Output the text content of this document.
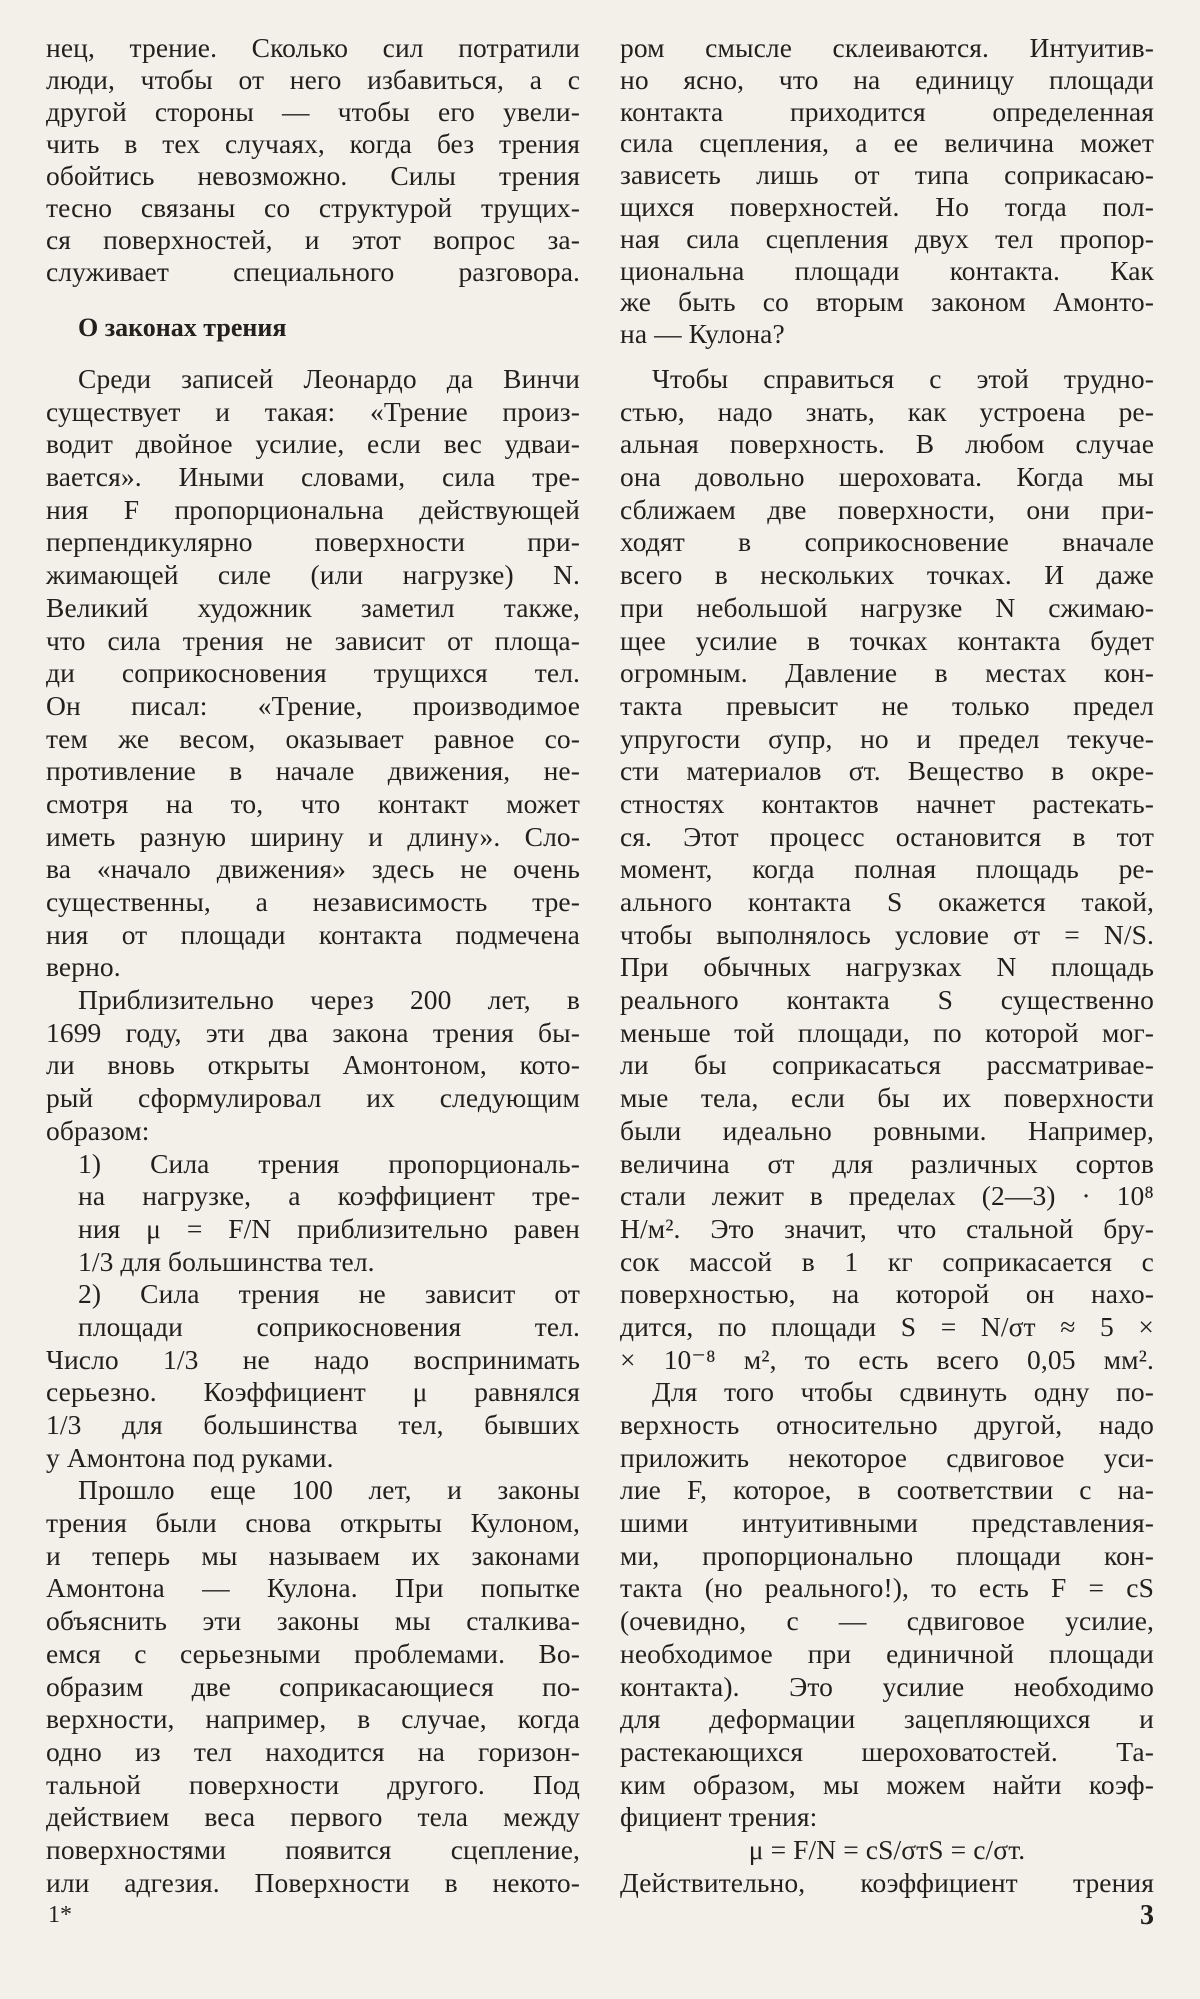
нец, трение. Сколько сил потратили
люди, чтобы от него избавиться, а с
другой стороны — чтобы его увели-
чить в тех случаях, когда без трения
обойтись невозможно. Силы трения
тесно связаны со структурой трущих-
ся поверхностей, и этот вопрос за-
служивает специального разговора.
О законах трения
Среди записей Леонардо да Винчи
существует и такая: «Трение произ-
водит двойное усилие, если вес удваи-
вается». Иными словами, сила тре-
ния F пропорциональна действующей
перпендикулярно поверхности при-
жимающей силе (или нагрузке) N.
Великий художник заметил также,
что сила трения не зависит от площа-
ди соприкосновения трущихся тел.
Он писал: «Трение, производимое
тем же весом, оказывает равное со-
противление в начале движения, не-
смотря на то, что контакт может
иметь разную ширину и длину». Сло-
ва «начало движения» здесь не очень
существенны, а независимость тре-
ния от площади контакта подмечена
верно.
Приблизительно через 200 лет, в
1699 году, эти два закона трения бы-
ли вновь открыты Амонтоном, кото-
рый сформулировал их следующим
образом:
1) Сила трения пропорциональ-
на нагрузке, а коэффициент тре-
ния μ = F/N приблизительно равен
1/3 для большинства тел.
2) Сила трения не зависит от
площади соприкосновения тел.
Число 1/3 не надо воспринимать
серьезно. Коэффициент μ равнялся
1/3 для большинства тел, бывших
у Амонтона под руками.
Прошло еще 100 лет, и законы
трения были снова открыты Кулоном,
и теперь мы называем их законами
Амонтона — Кулона. При попытке
объяснить эти законы мы сталкива-
емся с серьезными проблемами. Во-
образим две соприкасающиеся по-
верхности, например, в случае, когда
одно из тел находится на горизон-
тальной поверхности другого. Под
действием веса первого тела между
поверхностями появится сцепление,
или адгезия. Поверхности в некото-
ром смысле склеиваются. Интуитив-
но ясно, что на единицу площади
контакта приходится определенная
сила сцепления, а ее величина может
зависеть лишь от типа соприкасаю-
щихся поверхностей. Но тогда пол-
ная сила сцепления двух тел пропор-
циональна площади контакта. Как
же быть со вторым законом Амонто-
на — Кулона?
Чтобы справиться с этой трудно-
стью, надо знать, как устроена ре-
альная поверхность. В любом случае
она довольно шероховата. Когда мы
сближаем две поверхности, они при-
ходят в соприкосновение вначале
всего в нескольких точках. И даже
при небольшой нагрузке N сжимаю-
щее усилие в точках контакта будет
огромным. Давление в местах кон-
такта превысит не только предел
упругости σупр, но и предел текуче-
сти материалов σт. Вещество в окре-
стностях контактов начнет растекать-
ся. Этот процесс остановится в тот
момент, когда полная площадь ре-
ального контакта S окажется такой,
чтобы выполнялось условие σт = N/S.
При обычных нагрузках N площадь
реального контакта S существенно
меньше той площади, по которой мог-
ли бы соприкасаться рассматривае-
мые тела, если бы их поверхности
были идеально ровными. Например,
величина σт для различных сортов
стали лежит в пределах (2—3) · 10⁸
Н/м². Это значит, что стальной бру-
сок массой в 1 кг соприкасается с
поверхностью, на которой он нахо-
дится, по площади S = N/σт ≈ 5 ×
× 10⁻⁸ м², то есть всего 0,05 мм².
Для того чтобы сдвинуть одну по-
верхность относительно другой, надо
приложить некоторое сдвиговое уси-
лие F, которое, в соответствии с на-
шими интуитивными представления-
ми, пропорционально площади кон-
такта (но реального!), то есть F = cS
(очевидно, c — сдвиговое усилие,
необходимое при единичной площади
контакта). Это усилие необходимо
для деформации зацепляющихся и
растекающихся шероховатостей. Та-
ким образом, мы можем найти коэф-
фициент трения:
μ = F/N = cS/σтS = c/σт.
Действительно, коэффициент трения
1*	3
